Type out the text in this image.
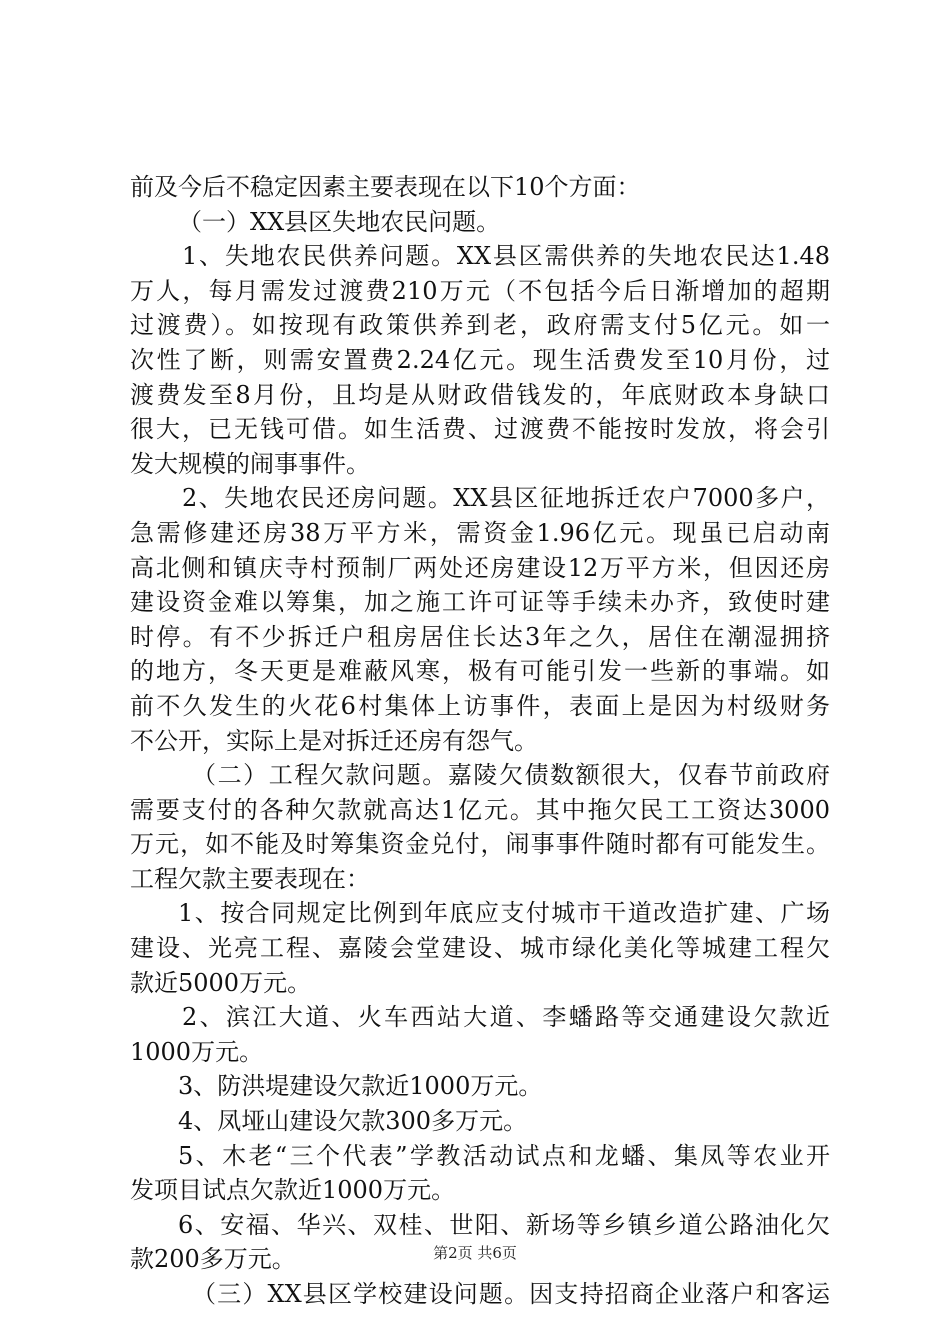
前及今后不稳定因素主要表现在以下10个方面：
（一）XX县区失地农民问题。
1、失地农民供养问题。XX县区需供养的失地农民达1.48
万人，每月需发过渡费210万元（不包括今后日渐增加的超期
过渡费）。如按现有政策供养到老，政府需支付5亿元。如一
次性了断，则需安置费2.24亿元。现生活费发至10月份，过
渡费发至8月份，且均是从财政借钱发的，年底财政本身缺口
很大，已无钱可借。如生活费、过渡费不能按时发放，将会引
发大规模的闹事事件。
2、失地农民还房问题。XX县区征地拆迁农户7000多户，
急需修建还房38万平方米，需资金1.96亿元。现虽已启动南
高北侧和镇庆寺村预制厂两处还房建设12万平方米，但因还房
建设资金难以筹集，加之施工许可证等手续未办齐，致使时建
时停。有不少拆迁户租房居住长达3年之久，居住在潮湿拥挤
的地方，冬天更是难蔽风寒，极有可能引发一些新的事端。如
前不久发生的火花6村集体上访事件，表面上是因为村级财务
不公开，实际上是对拆迁还房有怨气。
（二）工程欠款问题。嘉陵欠债数额很大，仅春节前政府
需要支付的各种欠款就高达1亿元。其中拖欠民工工资达3000
万元，如不能及时筹集资金兑付，闹事事件随时都有可能发生。
工程欠款主要表现在：
1、按合同规定比例到年底应支付城市干道改造扩建、广场
建设、光亮工程、嘉陵会堂建设、城市绿化美化等城建工程欠
款近5000万元。
2、滨江大道、火车西站大道、李蟠路等交通建设欠款近
1000万元。
3、防洪堤建设欠款近1000万元。
4、凤垭山建设欠款300多万元。
5、木老“三个代表”学教活动试点和龙蟠、集凤等农业开
发项目试点欠款近1000万元。
6、安福、华兴、双桂、世阳、新场等乡镇乡道公路油化欠
款200多万元。
（三）XX县区学校建设问题。因支持招商企业落户和客运
第2页 共6页
